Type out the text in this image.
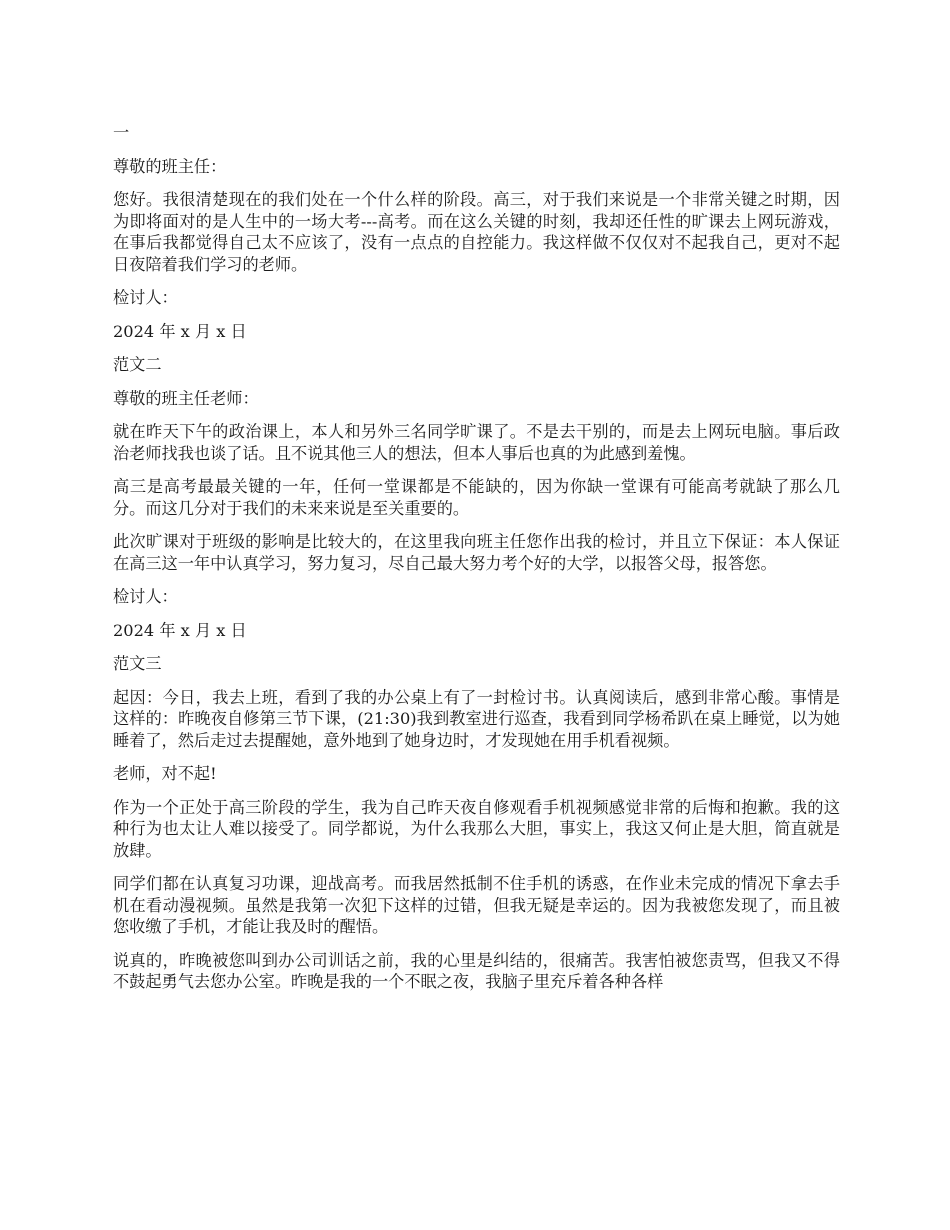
一

尊敬的班主任：

您好。我很清楚现在的我们处在一个什么样的阶段。高三，对于我们来说是一个非常关键之时期，因为即将面对的是人生中的一场大考---高考。而在这么关键的时刻，我却还任性的旷课去上网玩游戏，在事后我都觉得自己太不应该了，没有一点点的自控能力。我这样做不仅仅对不起我自己，更对不起日夜陪着我们学习的老师。

检讨人：

2024 年 x 月 x 日

范文二

尊敬的班主任老师：

就在昨天下午的政治课上，本人和另外三名同学旷课了。不是去干别的，而是去上网玩电脑。事后政治老师找我也谈了话。且不说其他三人的想法，但本人事后也真的为此感到羞愧。

高三是高考最最关键的一年，任何一堂课都是不能缺的，因为你缺一堂课有可能高考就缺了那么几分。而这几分对于我们的未来来说是至关重要的。

此次旷课对于班级的影响是比较大的，在这里我向班主任您作出我的检讨，并且立下保证：本人保证在高三这一年中认真学习，努力复习，尽自己最大努力考个好的大学，以报答父母，报答您。

检讨人：

2024 年 x 月 x 日

范文三

起因：今日，我去上班，看到了我的办公桌上有了一封检讨书。认真阅读后，感到非常心酸。事情是这样的：昨晚夜自修第三节下课，(21:30)我到教室进行巡查，我看到同学杨希趴在桌上睡觉，以为她睡着了，然后走过去提醒她，意外地到了她身边时，才发现她在用手机看视频。

老师，对不起!

作为一个正处于高三阶段的学生，我为自己昨天夜自修观看手机视频感觉非常的后悔和抱歉。我的这种行为也太让人难以接受了。同学都说，为什么我那么大胆，事实上，我这又何止是大胆，简直就是放肆。

同学们都在认真复习功课，迎战高考。而我居然抵制不住手机的诱惑，在作业未完成的情况下拿去手机在看动漫视频。虽然是我第一次犯下这样的过错，但我无疑是幸运的。因为我被您发现了，而且被您收缴了手机，才能让我及时的醒悟。

说真的，昨晚被您叫到办公司训话之前，我的心里是纠结的，很痛苦。我害怕被您责骂，但我又不得不鼓起勇气去您办公室。昨晚是我的一个不眠之夜，我脑子里充斥着各种各样
